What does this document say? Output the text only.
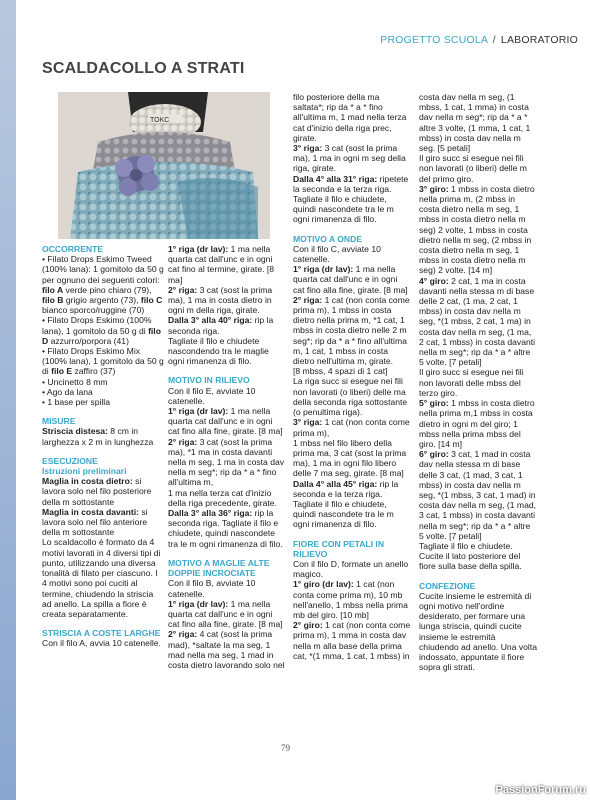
PROGETTO SCUOLA / LABORATORIO
SCALDACOLLO A STRATI
TOKC

OCCORRENTE

• Filato Drops Eskimo Tweed (100% lana): 1 gomitolo da 50 g per ognuno dei seguenti colori: filo A verde pino chiaro (79), filo B grigio argento (73), filo C bianco sporco/ruggine (70)

• Filato Drops Eskimo (100% lana), 1 gomitolo da 50 g di filo D azzurro/porpora (41)

• Filato Drops Eskimo Mix (100% lana), 1 gomitolo da 50 g di filo E zaffiro (37)

• Uncinetto 8 mm

• Ago da lana

• 1 base per spilla

MISURE

Striscia distesa: 8 cm in larghezza x 2 m in lunghezza

ESECUZIONE

Istruzioni preliminari

Maglia in costa dietro: si lavora solo nel filo posteriore della m sottostante

Maglia in costa davanti: si lavora solo nel filo anteriore della m sottostante

Lo scaldacollo è formato da 4 motivi lavorati in 4 diversi tipi di punto, utilizzando una diversa tonalità di filato per ciascuno. I 4 motivi sono poi cuciti al termine, chiudendo la striscia ad anello. La spilla a fiore è creata separatamente.

STRISCIA A COSTE LARGHE

Con il filo A, avvia 10 catenelle.

1° riga (dr lav): 1 ma nella quarta cat dall'unc e in ogni cat fino al termine, girate. [8 ma]

2° riga: 3 cat (sost la prima ma), 1 ma in costa dietro in ogni m della riga, girate.

Dalla 3° alla 40° riga: rip la seconda riga.

Tagliate il filo e chiudete nascondendo tra le maglie ogni rimanenza di filo.

MOTIVO IN RILIEVO

Con il filo E, avviate 10 catenelle.

1° riga (dr lav): 1 ma nella quarta cat dall'unc e in ogni cat fino alla fine, girate. [8 ma]

2° riga: 3 cat (sost la prima ma), *1 ma in costa davanti nella m seg, 1 ma in costa dav nella m seg*; rip da * a * fino all'ultima m,

1 ma nella terza cat d'inizio della riga precedente, girate.

Dalla 3° alla 36° riga: rip la seconda riga. Tagliate il filo e chiudete, quindi nascondete tra le m ogni rimanenza di filo.

MOTIVO A MAGLIE ALTE DOPPIE INCROCIATE

Con il filo B, avviate 10 catenelle.

1° riga (dr lav): 1 ma nella quarta cat dall'unc e in ogni cat fino alla fine, girate. [8 ma]

2° riga: 4 cat (sost la prima mad), *saltate la ma seg, 1 mad nella ma seg, 1 mad in costa dietro lavorando solo nel

filo posteriore della ma saltata*; rip da * a * fino all'ultima m, 1 mad nella terza cat d'inizio della riga prec, girate.

3° riga: 3 cat (sost la prima ma), 1 ma in ogni m seg della riga, girate.

Dalla 4° alla 31° riga: ripetete la seconda e la terza riga. Tagliate il filo e chiudete, quindi nascondete tra le m ogni rimanenza di filo.

MOTIVO A ONDE

Con il filo C, avviate 10 catenelle.

1° riga (dr lav): 1 ma nella quarta cat dall'unc e in ogni cat fino alla fine, girate. [8 ma]

2° riga: 1 cat (non conta come prima m), 1 mbss in costa dietro nella prima m, *1 cat, 1 mbss in costa dietro nelle 2 m seg*; rip da * a * fino all'ultima m, 1 cat, 1 mbss in costa dietro nell'ultima m, girate.

[8 mbss, 4 spazi di 1 cat]

La riga succ si esegue nei fili non lavorati (o liberi) delle ma della seconda riga sottostante (o penultima riga).

3° riga: 1 cat (non conta come prima m),

1 mbss nel filo libero della prima ma, 3 cat (sost la prima ma), 1 ma in ogni filo libero delle 7 ma seg, girate. [8 ma]

Dalla 4° alla 45° riga: rip la seconda e la terza riga.

Tagliate il filo e chiudete, quindi nascondete tra le m ogni rimanenza di filo.

FIORE CON PETALI IN RILIEVO

Con il filo D, formate un anello magico.

1° giro (dr lav): 1 cat (non conta come prima m), 10 mb nell'anello, 1 mbss nella prima mb del giro. [10 mb]

2° giro: 1 cat (non conta come prima m), 1 mma in costa dav nella m alla base della prima cat, *(1 mma, 1 cat, 1 mbss) in

costa dav nella m seg, (1 mbss, 1 cat, 1 mma) in costa dav nella m seg*; rip da * a * altre 3 volte, (1 mma, 1 cat, 1 mbss) in costa dav nella m seg. [5 petali]

Il giro succ si esegue nei fili non lavorati (o liberi) delle m del primo giro.

3° giro: 1 mbss in costa dietro nella prima m, (2 mbss in costa dietro nella m seg, 1 mbss in costa dietro nella m seg) 2 volte, 1 mbss in costa dietro nella m seg, (2 mbss in costa dietro nella m seg, 1 mbss in costa dietro nella m seg) 2 volte. [14 m]

4° giro: 2 cat, 1 ma in costa davanti nella stessa m di base delle 2 cat, (1 ma, 2 cat, 1 mbss) in costa dav nella m seg, *(1 mbss, 2 cat, 1 ma) in costa dav nella m seg, (1 ma, 2 cat, 1 mbss) in costa davanti nella m seg*; rip da * a * altre 5 volte. [7 petali]

Il giro succ si esegue nei fili non lavorati delle mbss del terzo giro.

5° giro: 1 mbss in costa dietro nella prima m,1 mbss in costa dietro in ogni m del giro; 1 mbss nella prima mbss del giro. [14 m]

6° giro: 3 cat, 1 mad in costa dav nella stessa m di base delle 3 cat, (1 mad, 3 cat, 1 mbss) in costa dav nella m seg, *(1 mbss, 3 cat, 1 mad) in costa dav nella m seg, (1 mad, 3 cat, 1 mbss) in costa davanti nella m seg*; rip da * a * altre 5 volte. [7 petali]

Tagliate il filo e chiudete. Cucite il lato posteriore del fiore sulla base della spilla.

CONFEZIONE

Cucite insieme le estremità di ogni motivo nell'ordine desiderato, per formare una lunga striscia, quindi cucite insieme le estremità chiudendo ad anello. Una volta indossato, appuntate il fiore sopra gli strati.

79
PassionForum.ru
